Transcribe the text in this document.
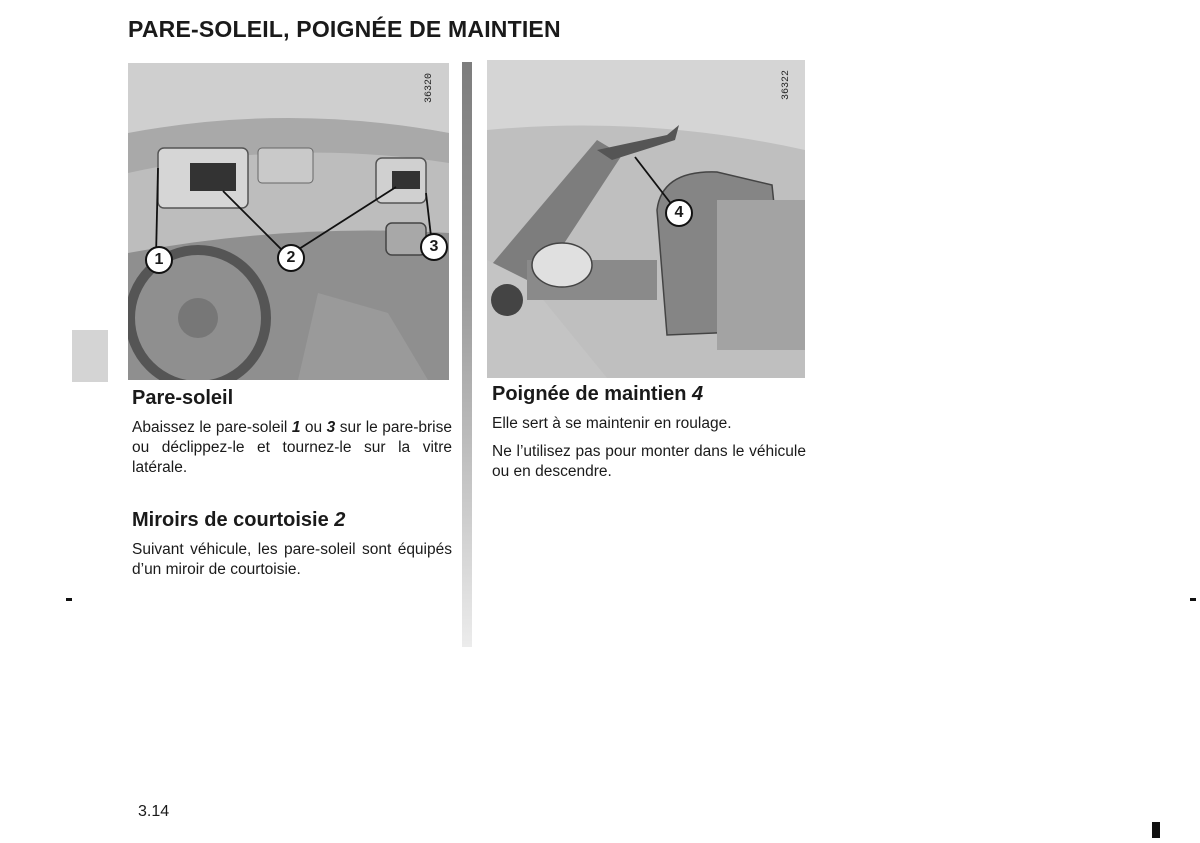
PARE-SOLEIL, POIGNÉE DE MAINTIEN
36320
1	2
3
36322
4
Pare-soleil

Abaissez le pare-soleil 1 ou 3 sur le pare-brise ou déclippez-le et tournez-le sur la vitre latérale.

Miroirs de courtoisie 2

Suivant véhicule, les pare-soleil sont équipés d’un miroir de courtoisie.

Poignée de maintien 4

Elle sert à se maintenir en roulage.

Ne l’utilisez pas pour monter dans le véhicule ou en descendre.

3.14
